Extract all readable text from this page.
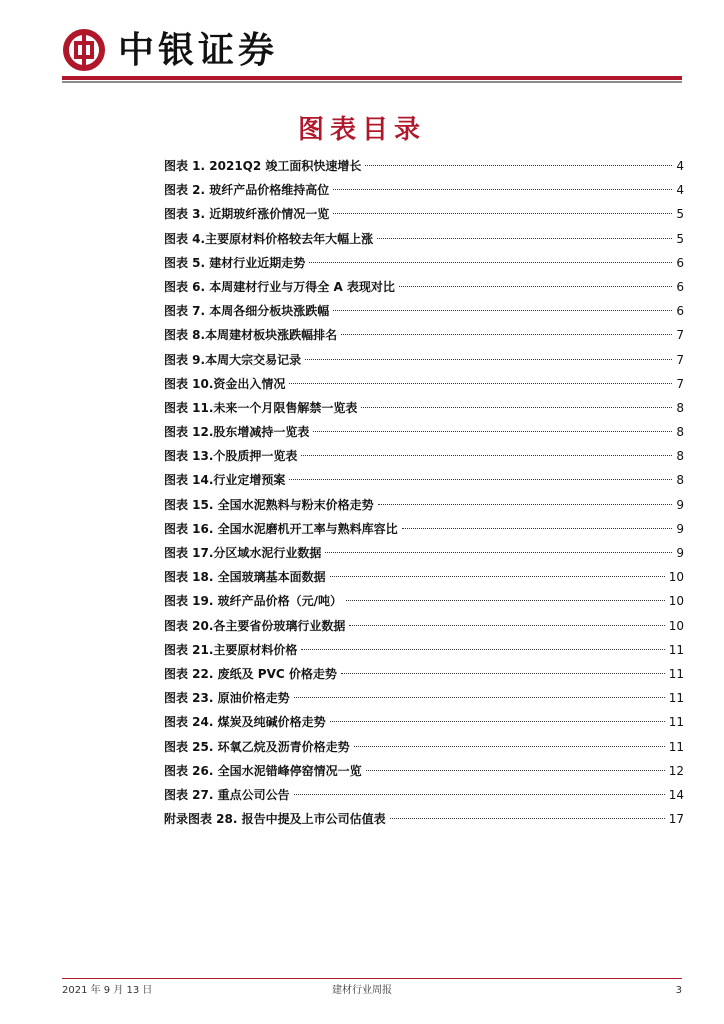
中银证券
图表目录
图表 1. 2021Q2 竣工面积快速增长	4
图表 2. 玻纤产品价格维持高位	4
图表 3. 近期玻纤涨价情况一览	5
图表 4.主要原材料价格较去年大幅上涨	5
图表 5. 建材行业近期走势	6
图表 6. 本周建材行业与万得全 A 表现对比	6
图表 7. 本周各细分板块涨跌幅	6
图表 8.本周建材板块涨跌幅排名	7
图表 9.本周大宗交易记录	7
图表 10.资金出入情况	7
图表 11.未来一个月限售解禁一览表	8
图表 12.股东增减持一览表	8
图表 13.个股质押一览表	8
图表 14.行业定增预案	8
图表 15. 全国水泥熟料与粉末价格走势	9
图表 16. 全国水泥磨机开工率与熟料库容比	9
图表 17.分区域水泥行业数据	9
图表 18. 全国玻璃基本面数据	10
图表 19. 玻纤产品价格（元/吨）	10
图表 20.各主要省份玻璃行业数据	10
图表 21.主要原材料价格	11
图表 22. 废纸及 PVC 价格走势	11
图表 23. 原油价格走势	11
图表 24. 煤炭及纯碱价格走势	11
图表 25. 环氧乙烷及沥青价格走势	11
图表 26. 全国水泥错峰停窑情况一览	12
图表 27. 重点公司公告	14
附录图表 28. 报告中提及上市公司估值表	17
2021 年 9 月 13 日	建材行业周报	3
